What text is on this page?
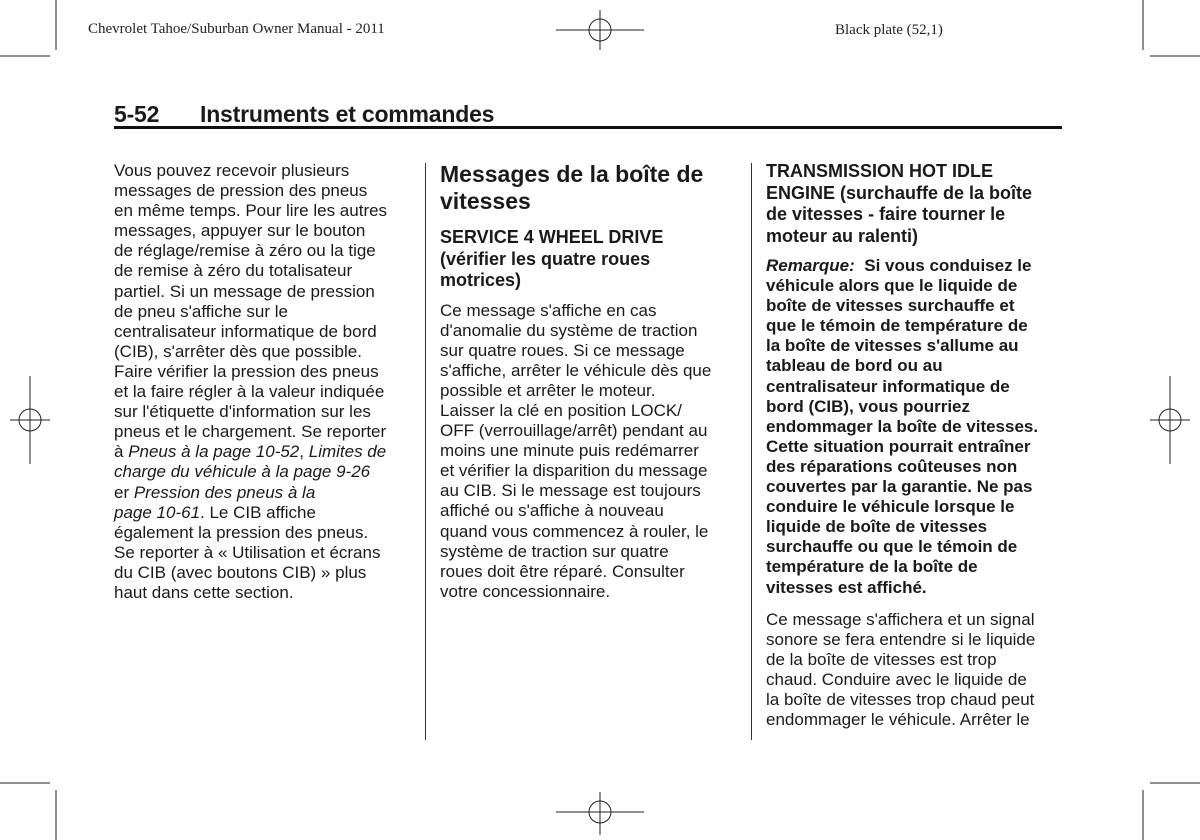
Chevrolet Tahoe/Suburban Owner Manual - 2011	Black plate (52,1)
5-52 Instruments et commandes

Vous pouvez recevoir plusieurs

messages de pression des pneus

en même temps. Pour lire les autres

messages, appuyer sur le bouton

de réglage/remise à zéro ou la tige

de remise à zéro du totalisateur

partiel. Si un message de pression

de pneu s'affiche sur le

centralisateur informatique de bord

(CIB), s'arrêter dès que possible.

Faire vérifier la pression des pneus

et la faire régler à la valeur indiquée

sur l'étiquette d'information sur les

pneus et le chargement. Se reporter

à Pneus à la page 10-52, Limites de

charge du véhicule à la page 9-26

er Pression des pneus à la

page 10-61. Le CIB affiche

également la pression des pneus.

Se reporter à « Utilisation et écrans

du CIB (avec boutons CIB) » plus

haut dans cette section.

Messages de la boîte de

vitesses

SERVICE 4 WHEEL DRIVE

(vérifier les quatre roues

motrices)

Ce message s'affiche en cas

d'anomalie du système de traction

sur quatre roues. Si ce message

s'affiche, arrêter le véhicule dès que

possible et arrêter le moteur.

Laisser la clé en position LOCK/

OFF (verrouillage/arrêt) pendant au

moins une minute puis redémarrer

et vérifier la disparition du message

au CIB. Si le message est toujours

affiché ou s'affiche à nouveau

quand vous commencez à rouler, le

système de traction sur quatre

roues doit être réparé. Consulter

votre concessionnaire.

TRANSMISSION HOT IDLE

ENGINE (surchauffe de la boîte

de vitesses - faire tourner le

moteur au ralenti)

Remarque: Si vous conduisez le

véhicule alors que le liquide de

boîte de vitesses surchauffe et

que le témoin de température de

la boîte de vitesses s'allume au

tableau de bord ou au

centralisateur informatique de

bord (CIB), vous pourriez

endommager la boîte de vitesses.

Cette situation pourrait entraîner

des réparations coûteuses non

couvertes par la garantie. Ne pas

conduire le véhicule lorsque le

liquide de boîte de vitesses

surchauffe ou que le témoin de

température de la boîte de

vitesses est affiché.

Ce message s'affichera et un signal

sonore se fera entendre si le liquide

de la boîte de vitesses est trop

chaud. Conduire avec le liquide de

la boîte de vitesses trop chaud peut

endommager le véhicule. Arrêter le
